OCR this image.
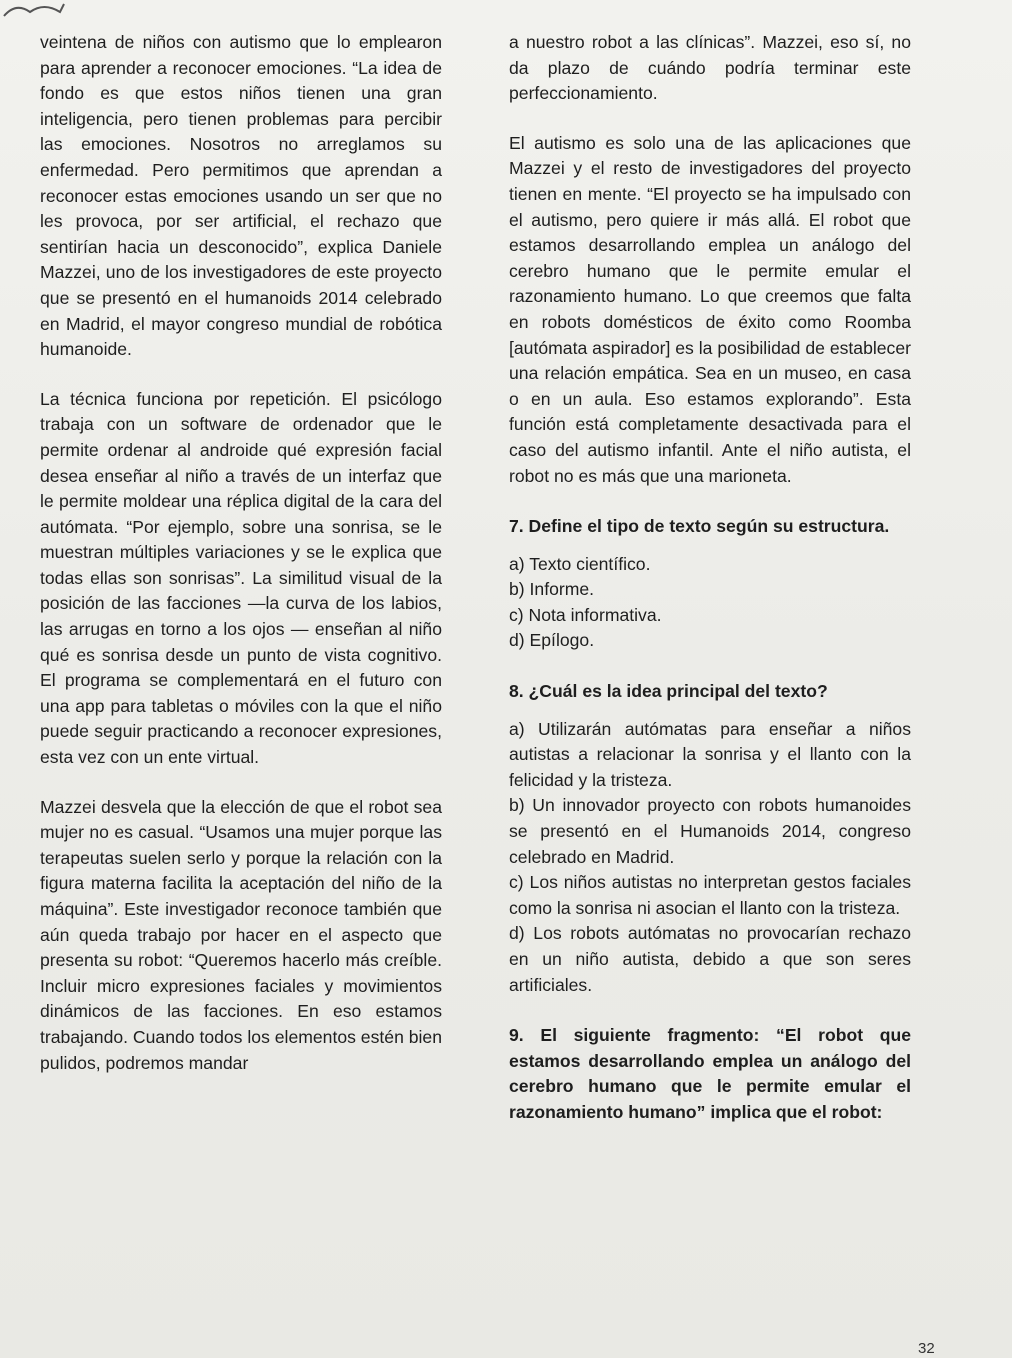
veintena de niños con autismo que lo emplearon para aprender a reconocer emociones. “La idea de fondo es que estos niños tienen una gran inteligencia, pero tienen problemas para percibir las emociones. Nosotros no arreglamos su enfermedad. Pero permitimos que aprendan a reconocer estas emociones usando un ser que no les provoca, por ser artificial, el rechazo que sentirían hacia un desconocido”, explica Daniele Mazzei, uno de los investigadores de este proyecto que se presentó en el humanoids 2014 celebrado en Madrid, el mayor congreso mundial de robótica humanoide.

La técnica funciona por repetición. El psicólogo trabaja con un software de ordenador que le permite ordenar al androide qué expresión facial desea enseñar al niño a través de un interfaz que le permite moldear una réplica digital de la cara del autómata. “Por ejemplo, sobre una sonrisa, se le muestran múltiples variaciones y se le explica que todas ellas son sonrisas”. La similitud visual de la posición de las facciones —la curva de los labios, las arrugas en torno a los ojos — enseñan al niño qué es sonrisa desde un punto de vista cognitivo. El programa se complementará en el futuro con una app para tabletas o móviles con la que el niño puede seguir practicando a reconocer expresiones, esta vez con un ente virtual.

Mazzei desvela que la elección de que el robot sea mujer no es casual. “Usamos una mujer porque las terapeutas suelen serlo y porque la relación con la figura materna facilita la aceptación del niño de la máquina”. Este investigador reconoce también que aún queda trabajo por hacer en el aspecto que presenta su robot: “Queremos hacerlo más creíble. Incluir micro expresiones faciales y movimientos dinámicos de las facciones. En eso estamos trabajando. Cuando todos los elementos estén bien pulidos, podremos mandar

a nuestro robot a las clínicas”. Mazzei, eso sí, no da plazo de cuándo podría terminar este perfeccionamiento.

El autismo es solo una de las aplicaciones que Mazzei y el resto de investigadores del proyecto tienen en mente. “El proyecto se ha impulsado con el autismo, pero quiere ir más allá. El robot que estamos desarrollando emplea un análogo del cerebro humano que le permite emular el razonamiento humano. Lo que creemos que falta en robots domésticos de éxito como Roomba [autómata aspirador] es la posibilidad de establecer una relación empática. Sea en un museo, en casa o en un aula. Eso estamos explorando”. Esta función está completamente desactivada para el caso del autismo infantil. Ante el niño autista, el robot no es más que una marioneta.

7. Define el tipo de texto según su estructura.
a) Texto científico.
b) Informe.
c) Nota informativa.
d) Epílogo.
8. ¿Cuál es la idea principal del texto?
a) Utilizarán autómatas para enseñar a niños autistas a relacionar la sonrisa y el llanto con la felicidad y la tristeza.
b) Un innovador proyecto con robots humanoides se presentó en el Humanoids 2014, congreso celebrado en Madrid.
c) Los niños autistas no interpretan gestos faciales como la sonrisa ni asocian el llanto con la tristeza.
d) Los robots autómatas no provocarían rechazo en un niño autista, debido a que son seres artificiales.
9. El siguiente fragmento: “El robot que estamos desarrollando emplea un análogo del cerebro humano que le permite emular el razonamiento humano” implica que el robot:
32
